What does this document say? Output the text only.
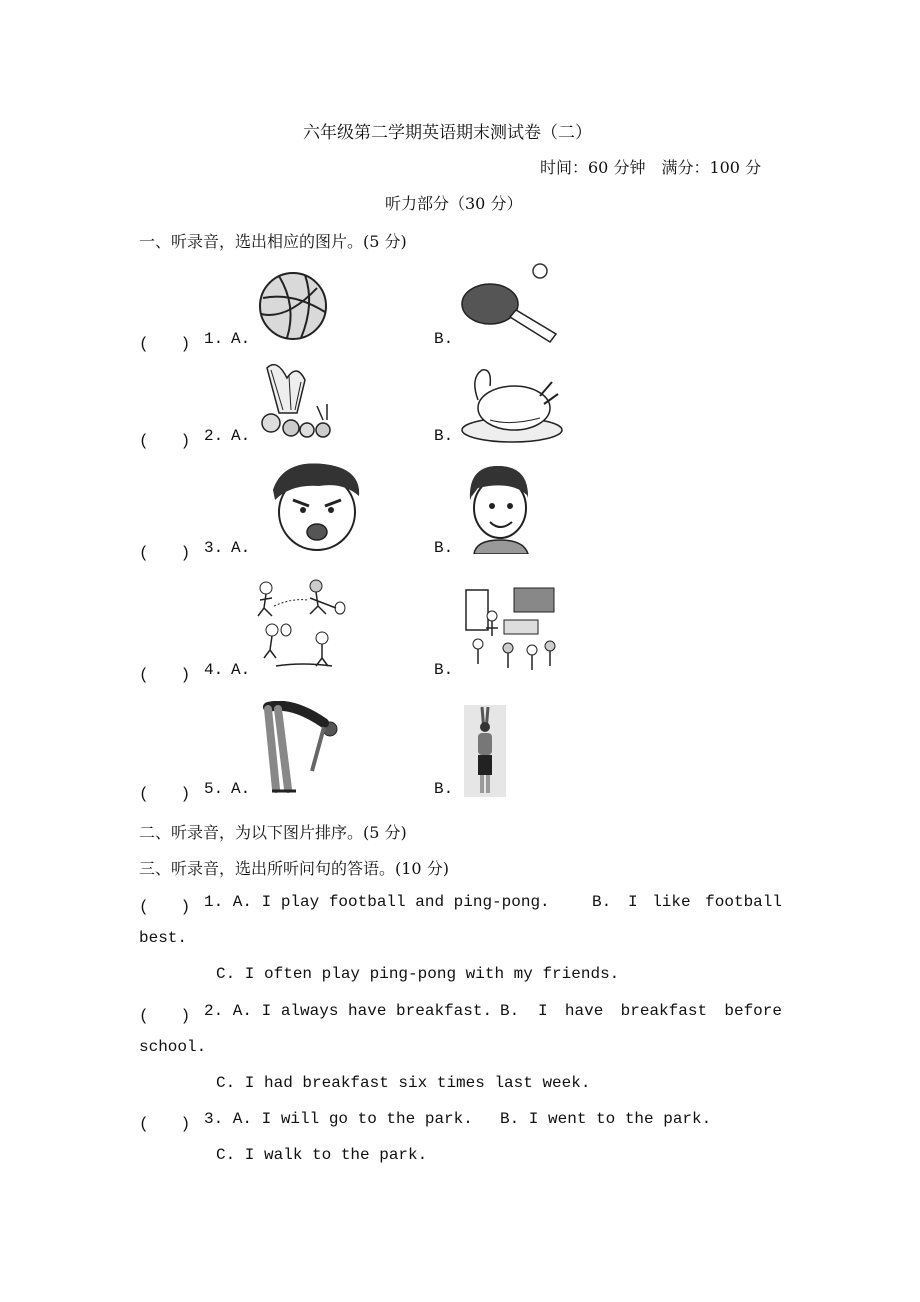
六年级第二学期英语期末测试卷（二）
时间：60 分钟　满分：100 分
听力部分（30 分）
一、听录音，选出相应的图片。(5 分)
(　　) 1. A.	B.
(　　) 2. A.	B.
(　　) 3. A.	B.
(　　) 4. A.	B.
(　　) 5. A.	B.
二、听录音，为以下图片排序。(5 分)
三、听录音，选出所听问句的答语。(10 分)
(　　) 1. A. I play football and ping-pong.	B. I like football
best.
C. I often play ping-pong with my friends.
(　　) 2. A. I always have breakfast. B. I have breakfast before
school.
C. I had breakfast six times last week.
(　　) 3. A. I will go to the park. B. I went to the park.
C. I walk to the park.
